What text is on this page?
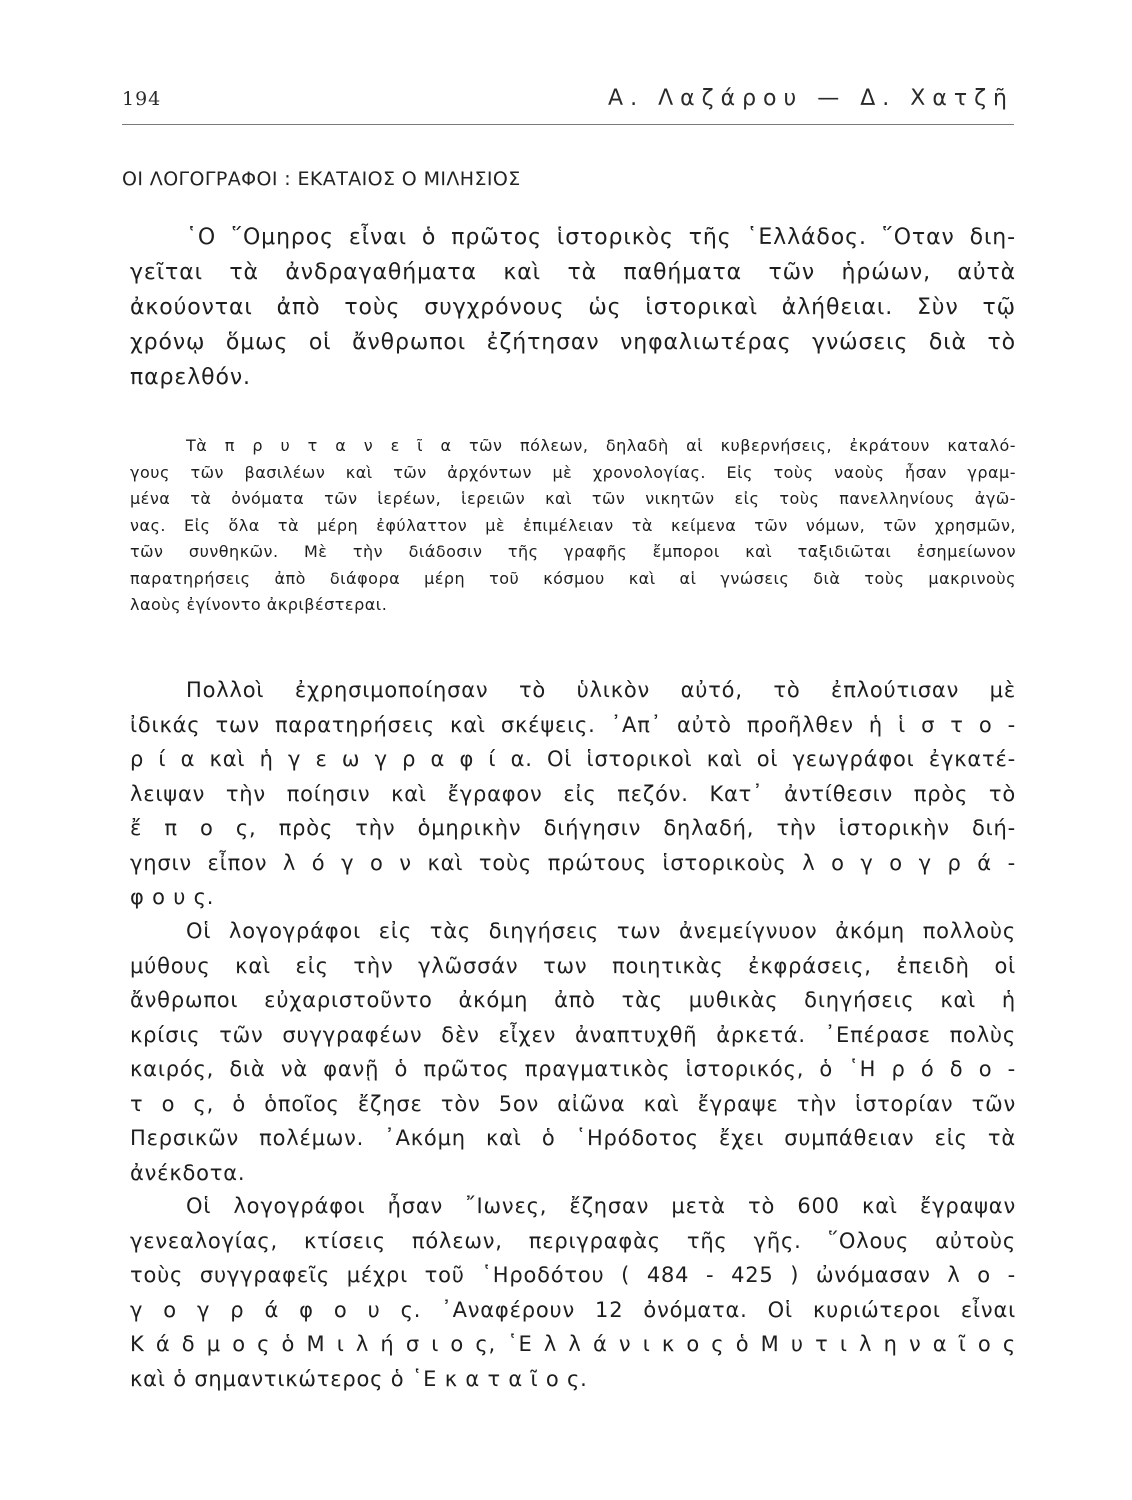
194	Α. Λαζάρου — Δ. Χατζῆ
ΟΙ ΛΟΓΟΓΡΑΦΟΙ : ΕΚΑΤΑΙΟΣ Ο ΜΙΛΗΣΙΟΣ
῾Ο ῞Ομηρος εἶναι ὁ πρῶτος ἱστορικὸς τῆς ῾Ελλάδος. ῞Οταν διη-
γεῖται τὰ ἀνδραγαθήματα καὶ τὰ παθήματα τῶν ἡρώων, αὐτὰ
ἀκούονται ἀπὸ τοὺς συγχρόνους ὡς ἱστορικαὶ ἀλήθειαι. Σὺν τῷ
χρόνῳ ὅμως οἱ ἄνθρωποι ἐζήτησαν νηφαλιωτέρας γνώσεις διὰ τὸ
παρελθόν.
Τὰ π ρ υ τ α ν ε ῖ α τῶν πόλεων, δηλαδὴ αἱ κυβερνήσεις, ἐκράτουν καταλό-
γους τῶν βασιλέων καὶ τῶν ἀρχόντων μὲ χρονολογίας. Εἰς τοὺς ναοὺς ἦσαν γραμ-
μένα τὰ ὀνόματα τῶν ἱερέων, ἱερειῶν καὶ τῶν νικητῶν εἰς τοὺς πανελληνίους ἀγῶ-
νας. Εἰς ὅλα τὰ μέρη ἐφύλαττον μὲ ἐπιμέλειαν τὰ κείμενα τῶν νόμων, τῶν χρησμῶν,
τῶν συνθηκῶν. Μὲ τὴν διάδοσιν τῆς γραφῆς ἔμποροι καὶ ταξιδιῶται ἐσημείωνον
παρατηρήσεις ἀπὸ διάφορα μέρη τοῦ κόσμου καὶ αἱ γνώσεις διὰ τοὺς μακρινοὺς
λαοὺς ἐγίνοντο ἀκριβέστεραι.
Πολλοὶ ἐχρησιμοποίησαν τὸ ὑλικὸν αὐτό, τὸ ἐπλούτισαν μὲ
ἰδικάς των παρατηρήσεις καὶ σκέψεις. ᾿Απ᾿ αὐτὸ προῆλθεν ἡ ἱ σ τ ο -
ρ ί α καὶ ἡ γ ε ω γ ρ α φ ί α. Οἱ ἱστορικοὶ καὶ οἱ γεωγράφοι ἐγκατέ-
λειψαν τὴν ποίησιν καὶ ἔγραφον εἰς πεζόν. Κατ᾿ ἀντίθεσιν πρὸς τὸ
ἔ π ο ς, πρὸς τὴν ὁμηρικὴν διήγησιν δηλαδή, τὴν ἱστορικὴν διή-
γησιν εἶπον λ ό γ ο ν καὶ τοὺς πρώτους ἱστορικοὺς λ ο γ ο γ ρ ά -
φ ο υ ς.
Οἱ λογογράφοι εἰς τὰς διηγήσεις των ἀνεμείγνυον ἀκόμη πολλοὺς
μύθους καὶ εἰς τὴν γλῶσσάν των ποιητικὰς ἐκφράσεις, ἐπειδὴ οἱ
ἄνθρωποι εὐχαριστοῦντο ἀκόμη ἀπὸ τὰς μυθικὰς διηγήσεις καὶ ἡ
κρίσις τῶν συγγραφέων δὲν εἶχεν ἀναπτυχθῆ ἀρκετά. ᾿Επέρασε πολὺς
καιρός, διὰ νὰ φανῇ ὁ πρῶτος πραγματικὸς ἱστορικός, ὁ ῾Η ρ ό δ ο -
τ ο ς, ὁ ὁποῖος ἔζησε τὸν 5ον αἰῶνα καὶ ἔγραψε τὴν ἱστορίαν τῶν
Περσικῶν πολέμων. ᾿Ακόμη καὶ ὁ ῾Ηρόδοτος ἔχει συμπάθειαν εἰς τὰ
ἀνέκδοτα.
Οἱ λογογράφοι ἦσαν ῎Ιωνες, ἔζησαν μετὰ τὸ 600 καὶ ἔγραψαν
γενεαλογίας, κτίσεις πόλεων, περιγραφὰς τῆς γῆς. ῞Ολους αὐτοὺς
τοὺς συγγραφεῖς μέχρι τοῦ ῾Ηροδότου ( 484 - 425 ) ὠνόμασαν λ ο -
γ ο γ ρ ά φ ο υ ς. ᾿Αναφέρουν 12 ὀνόματα. Οἱ κυριώτεροι εἶναι
Κ ά δ μ ο ς ὁ Μ ι λ ή σ ι ο ς, ῾Ε λ λ ά ν ι κ ο ς ὁ Μ υ τ ι λ η ν α ῖ ο ς
καὶ ὁ σημαντικώτερος ὁ ῾Ε κ α τ α ῖ ο ς.
